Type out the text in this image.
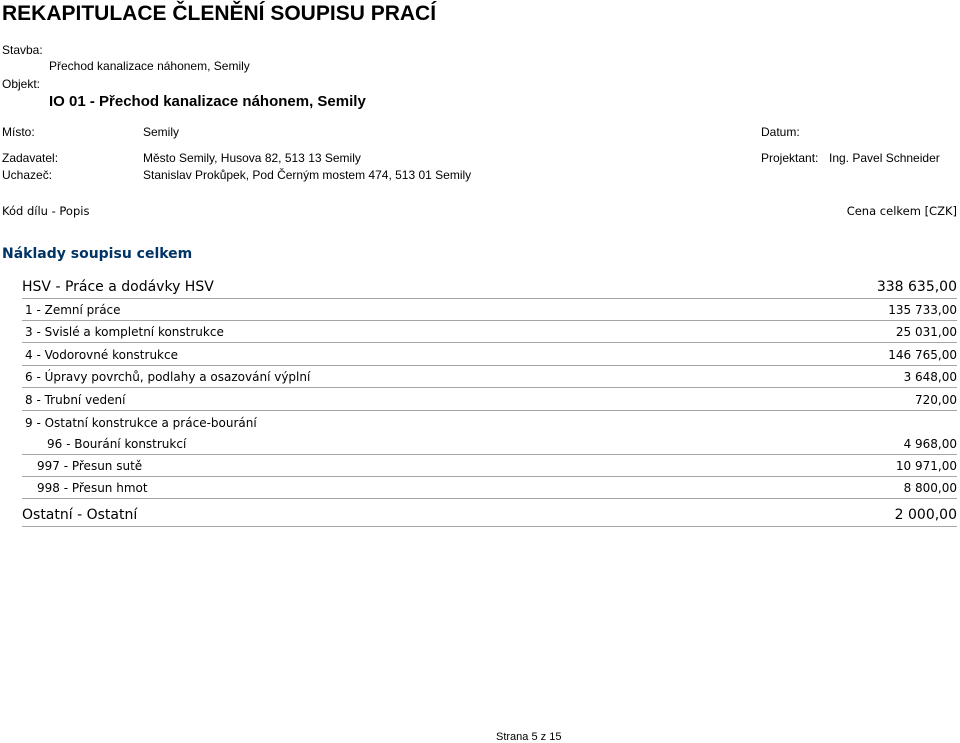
REKAPITULACE ČLENĚNÍ SOUPISU PRACÍ
Stavba:
Přechod kanalizace náhonem, Semily
Objekt:
IO 01 - Přechod kanalizace náhonem, Semily
Místo:	Semily	Datum:
Zadavatel:	Město Semily, Husova 82, 513 13 Semily	Projektant: Ing. Pavel Schneider
Uchazeč:	Stanislav Prokůpek, Pod Černým mostem 474, 513 01 Semily
Kód dílu - Popis	Cena celkem [CZK]
Náklady soupisu celkem
HSV - Práce a dodávky HSV	338 635,00
1 - Zemní práce	135 733,00
3 - Svislé a kompletní konstrukce	25 031,00
4 - Vodorovné konstrukce	146 765,00
6 - Úpravy povrchů, podlahy a osazování výplní	3 648,00
8 - Trubní vedení	720,00
9 - Ostatní konstrukce a práce-bourání
96 - Bourání konstrukcí	4 968,00
997 - Přesun sutě	10 971,00
998 - Přesun hmot	8 800,00
Ostatní - Ostatní	2 000,00
Strana 5 z 15
